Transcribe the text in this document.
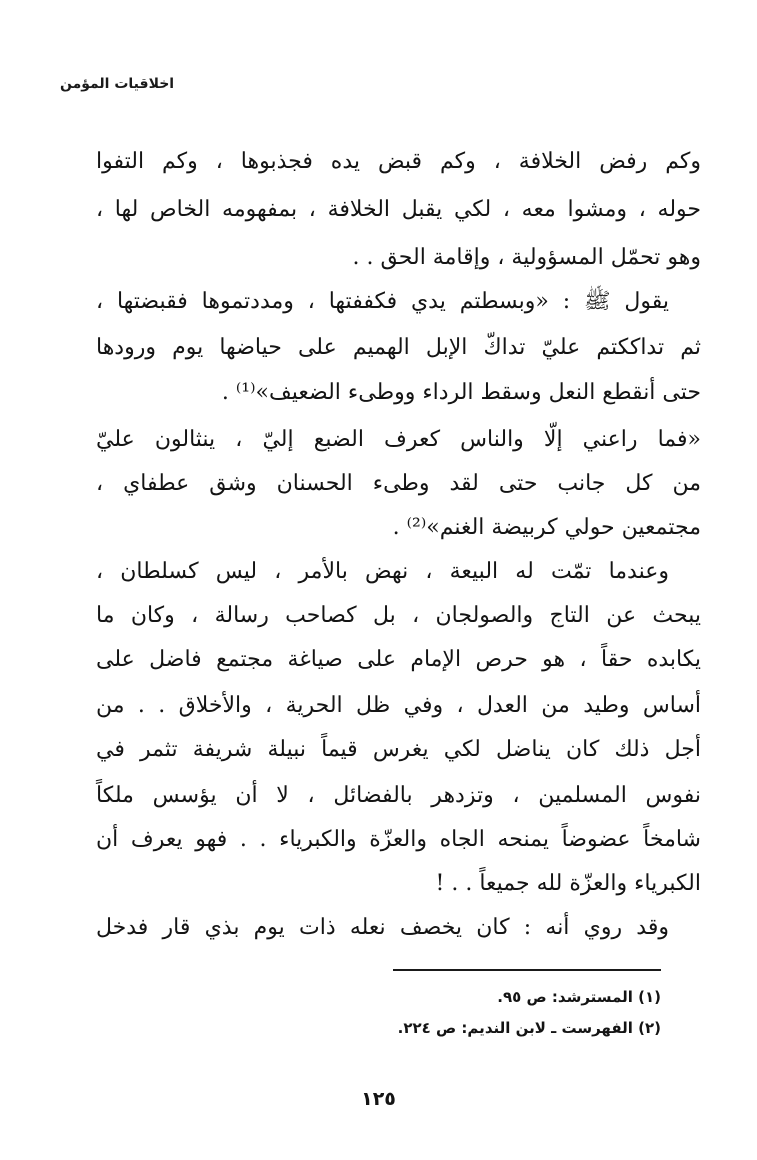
اخلاقيات المؤمن
وكم رفض الخلافة ، وكم قبض يده فجذبوها ، وكم التفوا
حوله ، ومشوا معه ، لكي يقبل الخلافة ، بمفهومه الخاص لها ،
وهو تحمّل المسؤولية ، وإقامة الحق . .
يقول ﷺ : «وبسطتم يدي فكففتها ، ومددتموها فقبضتها ،
ثم تداككتم عليّ تداكّ الإبل الهميم على حياضها يوم ورودها
حتى أنقطع النعل وسقط الرداء ووطىء الضعيف»⁽¹⁾ .
«فما راعني إلّا والناس كعرف الضبع إليّ ، ينثالون عليّ
من كل جانب حتى لقد وطىء الحسنان وشق عطفاي ،
مجتمعين حولي كربيضة الغنم»⁽²⁾ .
وعندما تمّت له البيعة ، نهض بالأمر ، ليس كسلطان ،
يبحث عن التاج والصولجان ، بل كصاحب رسالة ، وكان ما
يكابده حقاً ، هو حرص الإمام على صياغة مجتمع فاضل على
أساس وطيد من العدل ، وفي ظل الحرية ، والأخلاق . . من
أجل ذلك كان يناضل لكي يغرس قيماً نبيلة شريفة تثمر في
نفوس المسلمين ، وتزدهر بالفضائل ، لا أن يؤسس ملكاً
شامخاً عضوضاً يمنحه الجاه والعزّة والكبرياء . . فهو يعرف أن
الكبرياء والعزّة لله جميعاً . . !
وقد روي أنه : كان يخصف نعله ذات يوم بذي قار فدخل
(١) المسترشد: ص ٩٥.
(٢) الفهرست ـ لابن النديم: ص ٢٢٤.
١٢٥
